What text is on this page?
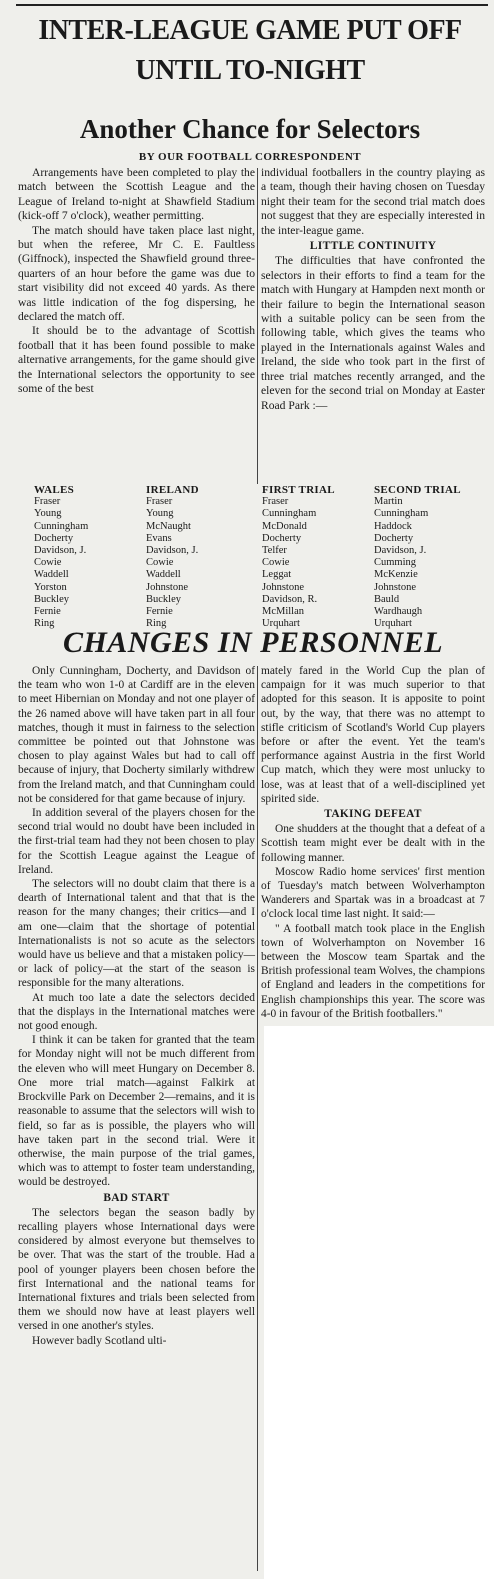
INTER-LEAGUE GAME PUT OFF
UNTIL TO-NIGHT
Another Chance for Selectors
BY OUR FOOTBALL CORRESPONDENT

Arrangements have been completed to play the match between the Scottish League and the League of Ireland to-night at Shawfield Stadium (kick-off 7 o'clock), weather permitting.

The match should have taken place last night, but when the referee, Mr C. E. Faultless (Giffnock), inspected the Shawfield ground three-quarters of an hour before the game was due to start visibility did not exceed 40 yards. As there was little indication of the fog dispersing, he declared the match off.

It should be to the advantage of Scottish football that it has been found possible to make alternative arrangements, for the game should give the International selectors the opportunity to see some of the best

individual footballers in the country playing as a team, though their having chosen on Tuesday night their team for the second trial match does not suggest that they are especially interested in the inter-league game.

LITTLE CONTINUITY

The difficulties that have confronted the selectors in their efforts to find a team for the match with Hungary at Hampden next month or their failure to begin the International season with a suitable policy can be seen from the following table, which gives the teams who played in the Internationals against Wales and Ireland, the side who took part in the first of three trial matches recently arranged, and the eleven for the second trial on Monday at Easter Road Park :—

WALES
Fraser
Young
Cunningham
Docherty
Davidson, J.
Cowie
Waddell
Yorston
Buckley
Fernie
Ring
IRELAND
Fraser
Young
McNaught
Evans
Davidson, J.
Cowie
Waddell
Johnstone
Buckley
Fernie
Ring
FIRST TRIAL
Fraser
Cunningham
McDonald
Docherty
Telfer
Cowie
Leggat
Johnstone
Davidson, R.
McMillan
Urquhart
SECOND TRIAL
Martin
Cunningham
Haddock
Docherty
Davidson, J.
Cumming
McKenzie
Johnstone
Bauld
Wardhaugh
Urquhart
CHANGES IN PERSONNEL

Only Cunningham, Docherty, and Davidson of the team who won 1-0 at Cardiff are in the eleven to meet Hibernian on Monday and not one player of the 26 named above will have taken part in all four matches, though it must in fairness to the selection committee be pointed out that Johnstone was chosen to play against Wales but had to call off because of injury, that Docherty similarly withdrew from the Ireland match, and that Cunningham could not be considered for that game because of injury.

In addition several of the players chosen for the second trial would no doubt have been included in the first-trial team had they not been chosen to play for the Scottish League against the League of Ireland.

The selectors will no doubt claim that there is a dearth of International talent and that that is the reason for the many changes; their critics—and I am one—claim that the shortage of potential Internationalists is not so acute as the selectors would have us believe and that a mistaken policy—or lack of policy—at the start of the season is responsible for the many alterations.

At much too late a date the selectors decided that the displays in the International matches were not good enough.

I think it can be taken for granted that the team for Monday night will not be much different from the eleven who will meet Hungary on December 8. One more trial match—against Falkirk at Brockville Park on December 2—remains, and it is reasonable to assume that the selectors will wish to field, so far as is possible, the players who will have taken part in the second trial. Were it otherwise, the main purpose of the trial games, which was to attempt to foster team understanding, would be destroyed.

BAD START

The selectors began the season badly by recalling players whose International days were considered by almost everyone but themselves to be over. That was the start of the trouble. Had a pool of younger players been chosen before the first International and the national teams for International fixtures and trials been selected from them we should now have at least players well versed in one another's styles.

However badly Scotland ulti-

mately fared in the World Cup the plan of campaign for it was much superior to that adopted for this season. It is apposite to point out, by the way, that there was no attempt to stifle criticism of Scotland's World Cup players before or after the event. Yet the team's performance against Austria in the first World Cup match, which they were most unlucky to lose, was at least that of a well-disciplined yet spirited side.

TAKING DEFEAT

One shudders at the thought that a defeat of a Scottish team might ever be dealt with in the following manner.

Moscow Radio home services' first mention of Tuesday's match between Wolverhampton Wanderers and Spartak was in a broadcast at 7 o'clock local time last night. It said:—

" A football match took place in the English town of Wolverhampton on November 16 between the Moscow team Spartak and the British professional team Wolves, the champions of England and leaders in the competitions for English championships this year. The score was 4-0 in favour of the British footballers."
